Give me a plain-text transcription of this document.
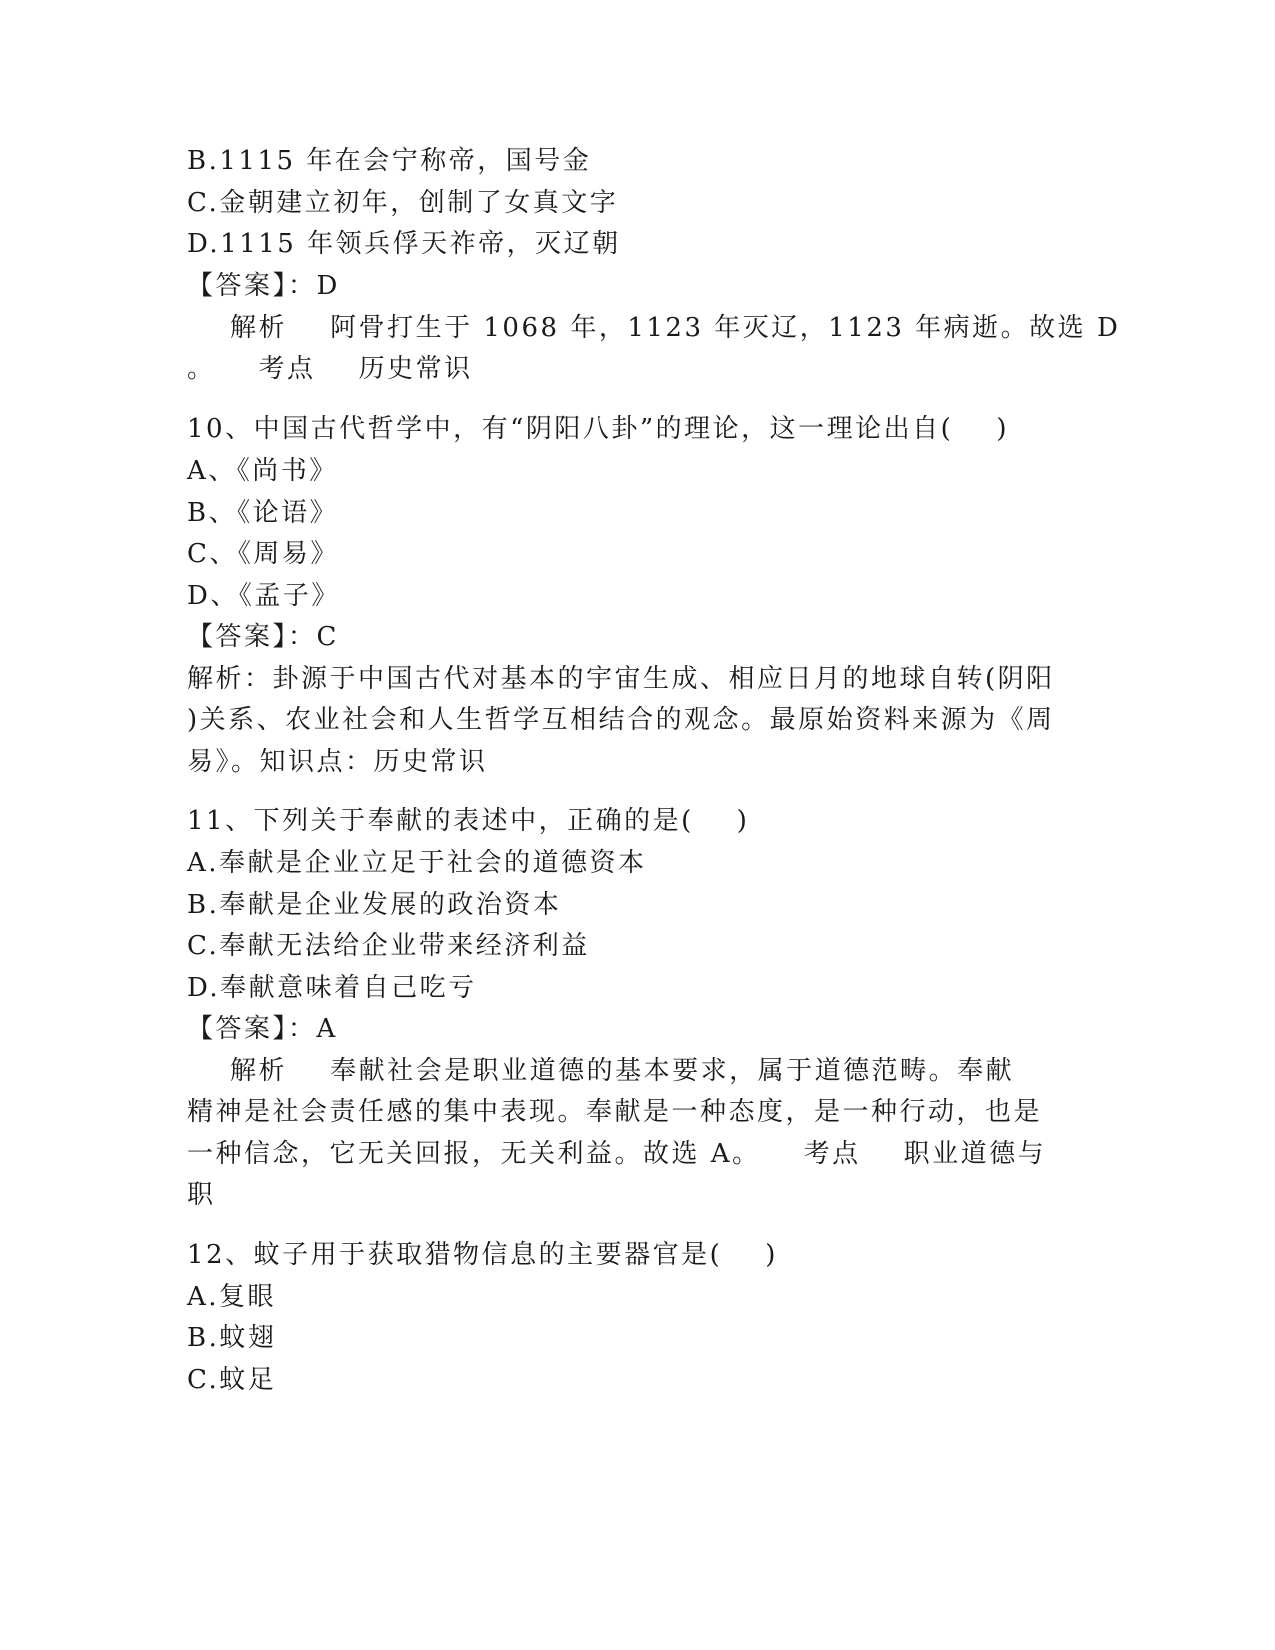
B.1115 年在会宁称帝，国号金

C.金朝建立初年，创制了女真文字

D.1115 年领兵俘天祚帝，灭辽朝

【答案】：D

解析    阿骨打生于 1068 年，1123 年灭辽，1123 年病逝。故选 D

。    考点    历史常识

10、中国古代哲学中，有“阴阳八卦”的理论，这一理论出自(    )

A、《尚书》

B、《论语》

C、《周易》

D、《孟子》

【答案】：C

解析：卦源于中国古代对基本的宇宙生成、相应日月的地球自转(阴阳

)关系、农业社会和人生哲学互相结合的观念。最原始资料来源为《周

易》。知识点：历史常识

11、下列关于奉献的表述中，正确的是(    )

A.奉献是企业立足于社会的道德资本

B.奉献是企业发展的政治资本

C.奉献无法给企业带来经济利益

D.奉献意味着自己吃亏

【答案】：A

解析    奉献社会是职业道德的基本要求，属于道德范畴。奉献

精神是社会责任感的集中表现。奉献是一种态度，是一种行动，也是

一种信念，它无关回报，无关利益。故选 A。    考点    职业道德与

职

12、蚊子用于获取猎物信息的主要器官是(    )

A.复眼

B.蚊翅

C.蚊足
